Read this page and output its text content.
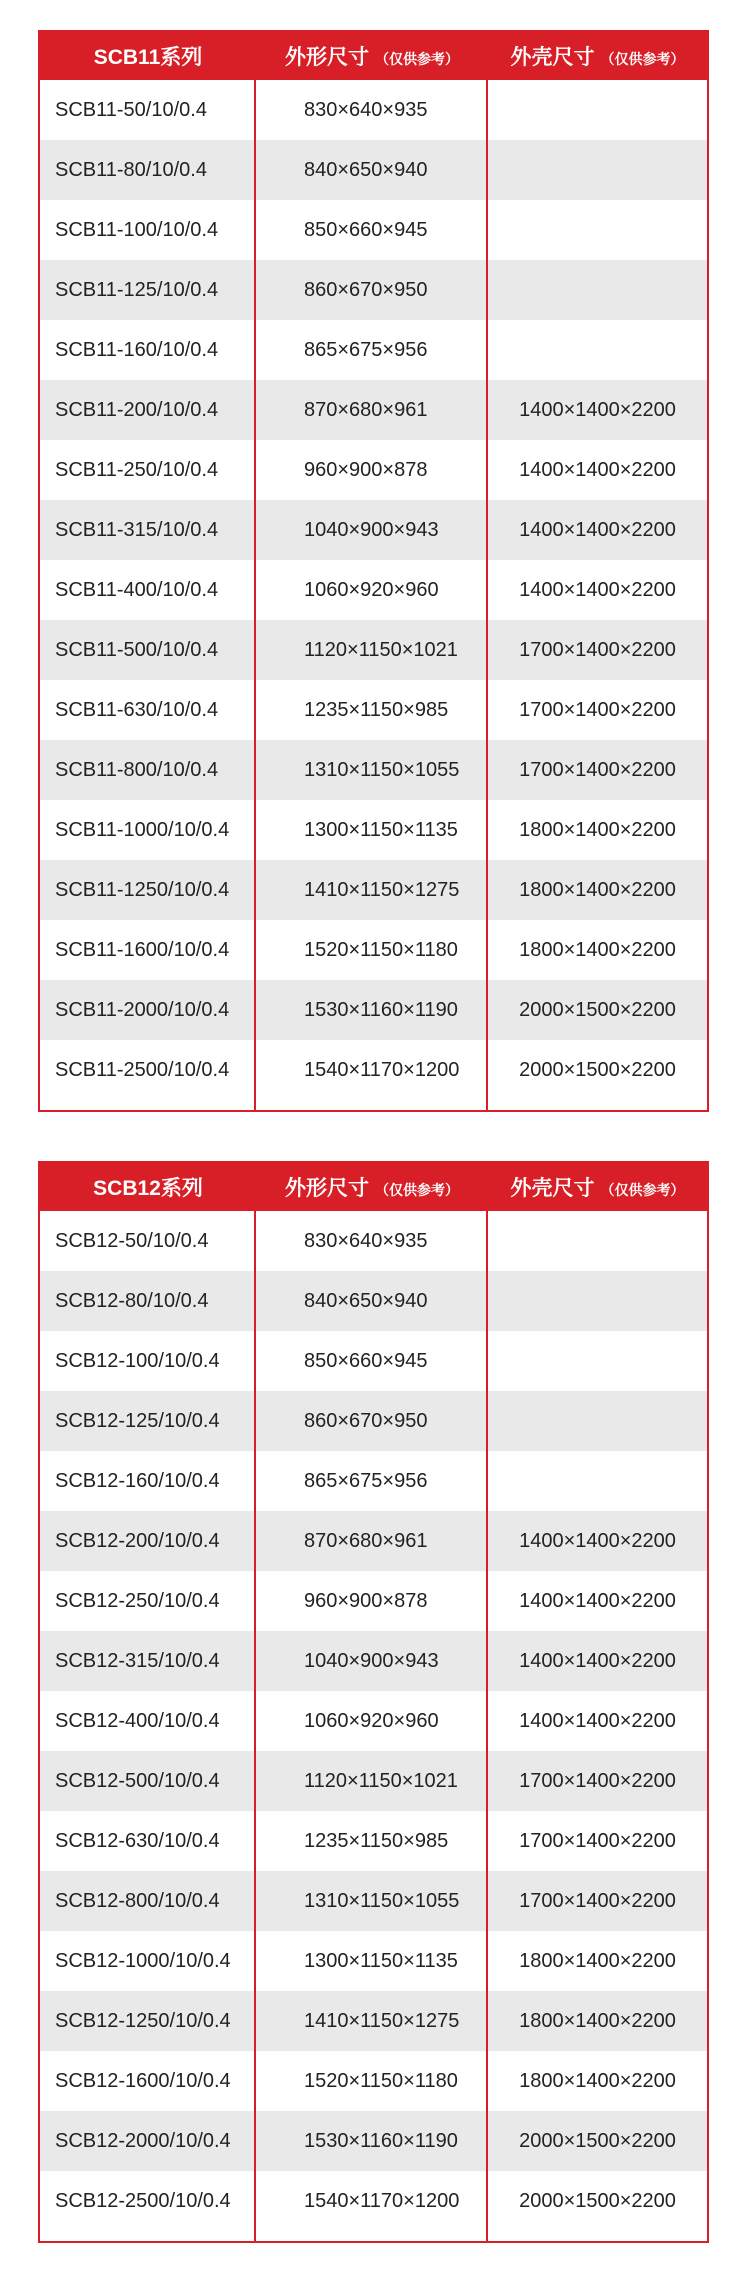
SCB11系列	外形尺寸 （仅供参考） 外壳尺寸 （仅供参考）
SCB11-50/10/0.4	830×640×935
SCB11-80/10/0.4	840×650×940
SCB11-100/10/0.4	850×660×945
SCB11-125/10/0.4	860×670×950
SCB11-160/10/0.4	865×675×956
SCB11-200/10/0.4	870×680×961	1400×1400×2200
SCB11-250/10/0.4	960×900×878	1400×1400×2200
SCB11-315/10/0.4	1040×900×943	1400×1400×2200
SCB11-400/10/0.4	1060×920×960	1400×1400×2200
SCB11-500/10/0.4	1120×1150×1021	1700×1400×2200
SCB11-630/10/0.4	1235×1150×985	1700×1400×2200
SCB11-800/10/0.4	1310×1150×1055	1700×1400×2200
SCB11-1000/10/0.4	1300×1150×1135	1800×1400×2200
SCB11-1250/10/0.4	1410×1150×1275	1800×1400×2200
SCB11-1600/10/0.4	1520×1150×1180	1800×1400×2200
SCB11-2000/10/0.4	1530×1160×1190	2000×1500×2200
SCB11-2500/10/0.4	1540×1170×1200	2000×1500×2200
SCB12系列	外形尺寸 （仅供参考） 外壳尺寸 （仅供参考）
SCB12-50/10/0.4	830×640×935
SCB12-80/10/0.4	840×650×940
SCB12-100/10/0.4	850×660×945
SCB12-125/10/0.4	860×670×950
SCB12-160/10/0.4	865×675×956
SCB12-200/10/0.4	870×680×961	1400×1400×2200
SCB12-250/10/0.4	960×900×878	1400×1400×2200
SCB12-315/10/0.4	1040×900×943	1400×1400×2200
SCB12-400/10/0.4	1060×920×960	1400×1400×2200
SCB12-500/10/0.4	1120×1150×1021	1700×1400×2200
SCB12-630/10/0.4	1235×1150×985	1700×1400×2200
SCB12-800/10/0.4	1310×1150×1055	1700×1400×2200
SCB12-1000/10/0.4	1300×1150×1135	1800×1400×2200
SCB12-1250/10/0.4	1410×1150×1275	1800×1400×2200
SCB12-1600/10/0.4	1520×1150×1180	1800×1400×2200
SCB12-2000/10/0.4	1530×1160×1190	2000×1500×2200
SCB12-2500/10/0.4	1540×1170×1200	2000×1500×2200
